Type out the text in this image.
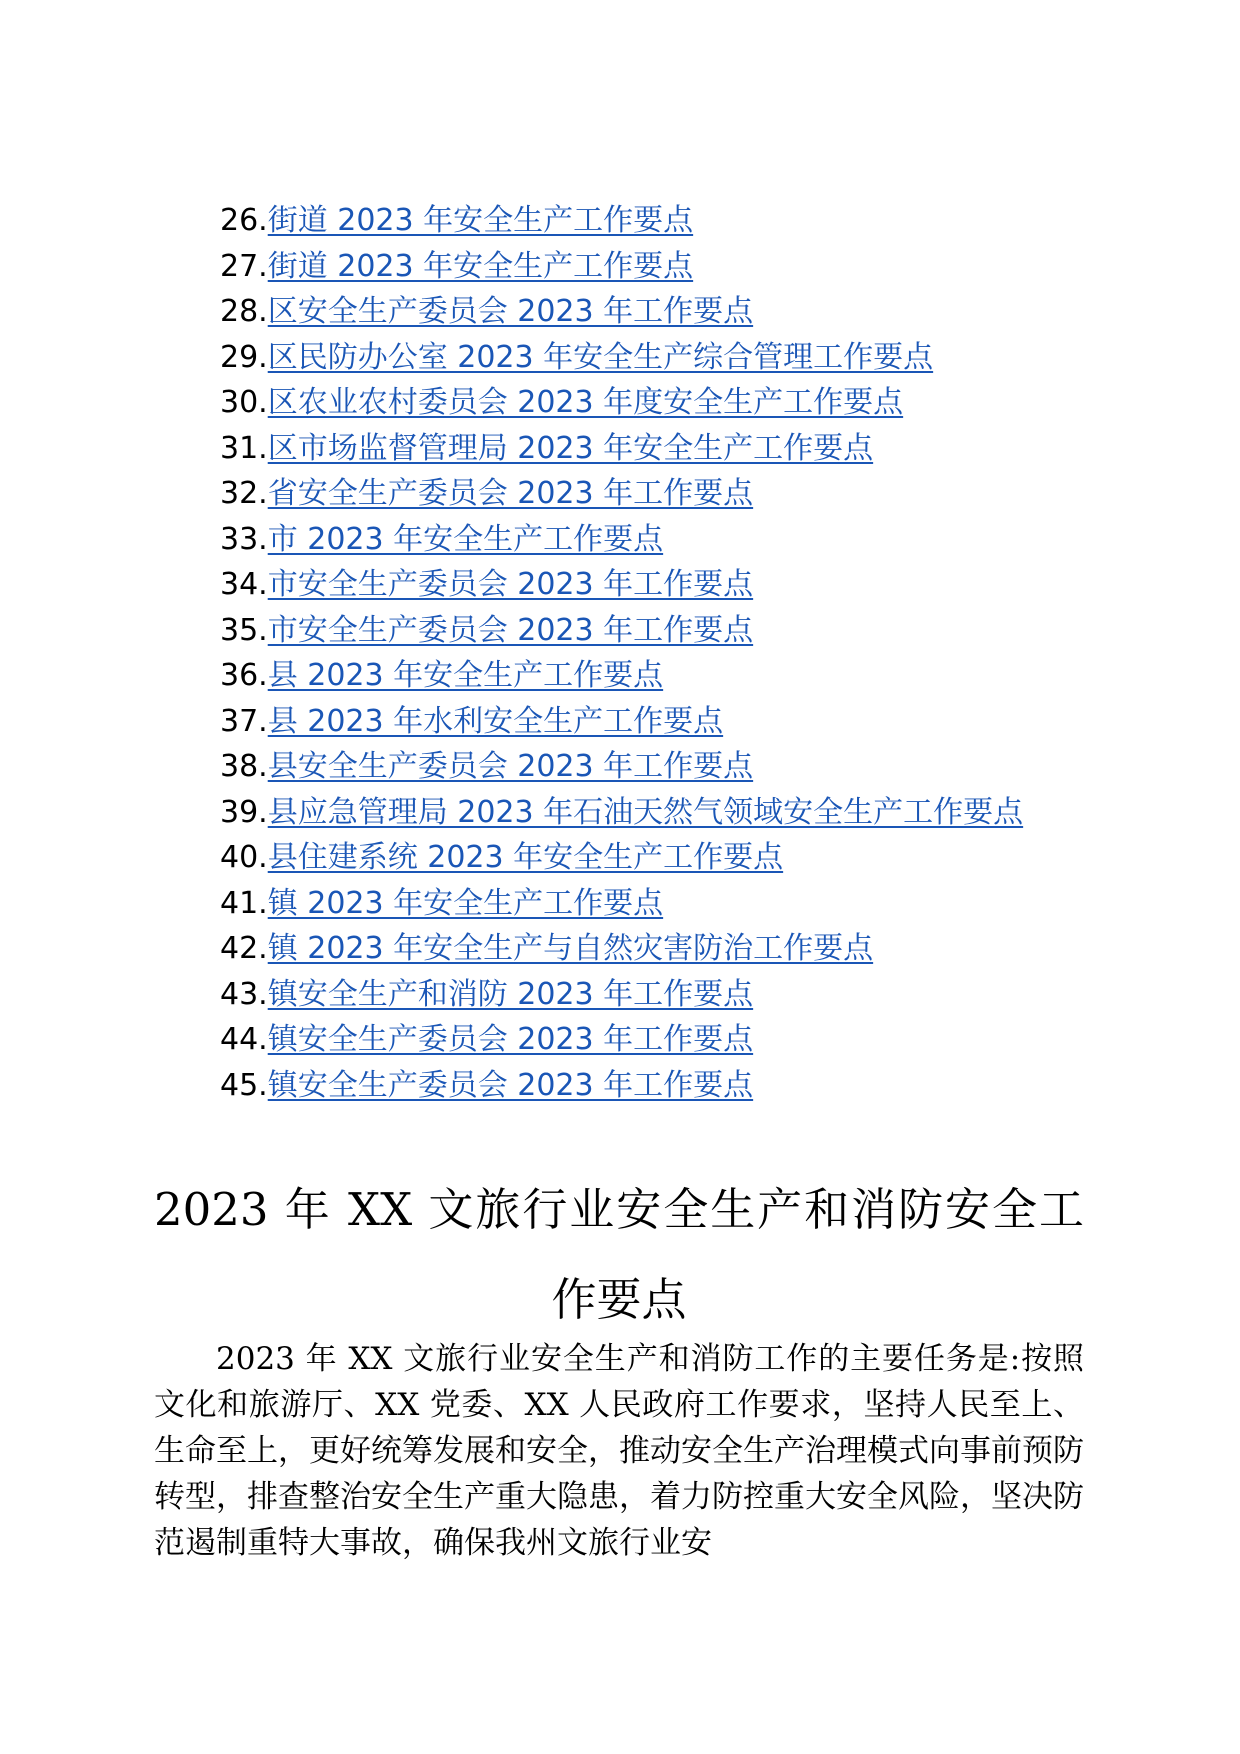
26.街道 2023 年安全生产工作要点
27.街道 2023 年安全生产工作要点
28.区安全生产委员会 2023 年工作要点
29.区民防办公室 2023 年安全生产综合管理工作要点
30.区农业农村委员会 2023 年度安全生产工作要点
31.区市场监督管理局 2023 年安全生产工作要点
32.省安全生产委员会 2023 年工作要点
33.市 2023 年安全生产工作要点
34.市安全生产委员会 2023 年工作要点
35.市安全生产委员会 2023 年工作要点
36.县 2023 年安全生产工作要点
37.县 2023 年水利安全生产工作要点
38.县安全生产委员会 2023 年工作要点
39.县应急管理局 2023 年石油天然气领域安全生产工作要点
40.县住建系统 2023 年安全生产工作要点
41.镇 2023 年安全生产工作要点
42.镇 2023 年安全生产与自然灾害防治工作要点
43.镇安全生产和消防 2023 年工作要点
44.镇安全生产委员会 2023 年工作要点
45.镇安全生产委员会 2023 年工作要点
2023 年 XX 文旅行业安全生产和消防安全工作要点

2023 年 XX 文旅行业安全生产和消防工作的主要任务是:按照文化和旅游厅、XX 党委、XX 人民政府工作要求，坚持人民至上、生命至上，更好统筹发展和安全，推动安全生产治理模式向事前预防转型，排查整治安全生产重大隐患，着力防控重大安全风险，坚决防范遏制重特大事故，确保我州文旅行业安
